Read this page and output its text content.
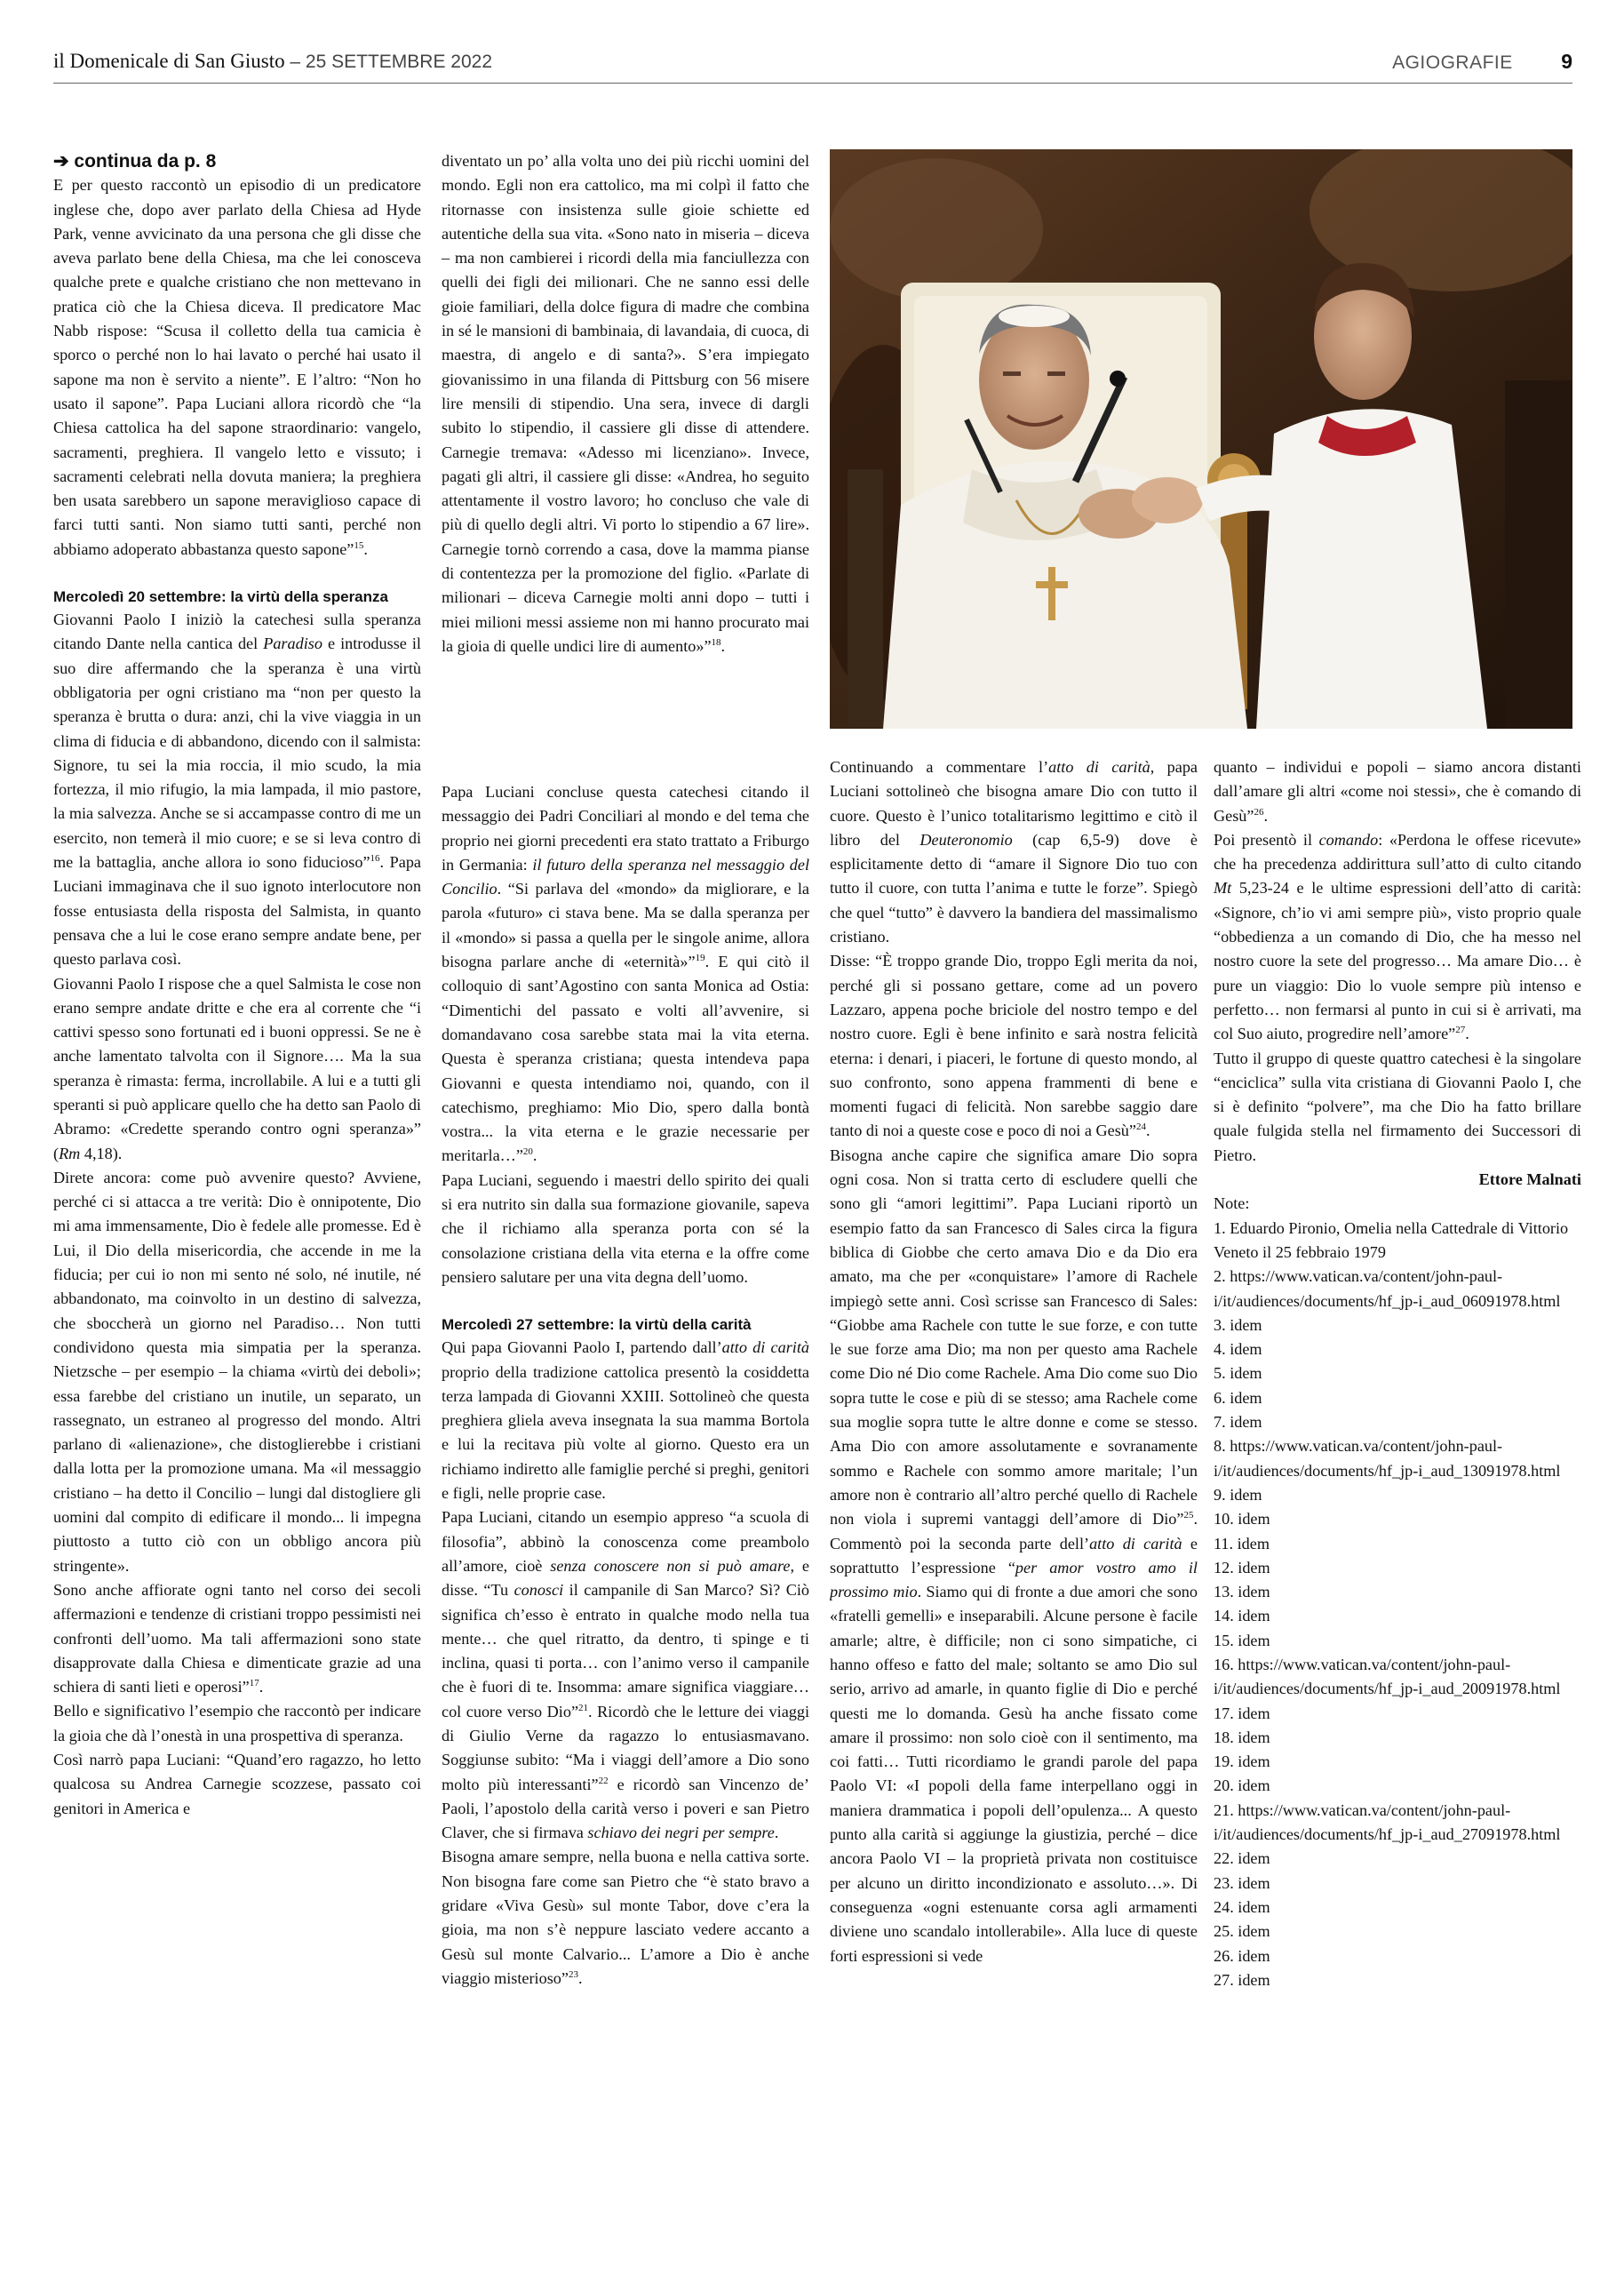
il Domenicale di San Giusto – 25 SETTEMBRE 2022	AGIOGRAFIE 9

➔ continua da p. 8

E per questo raccontò un episodio di un predicatore inglese che, dopo aver parlato della Chiesa ad Hyde Park, venne avvicinato da una persona che gli disse che aveva parlato bene della Chiesa, ma che lei conosceva qualche prete e qualche cristiano che non mettevano in pratica ciò che la Chiesa diceva. Il predicatore Mac Nabb rispose: “Scusa il colletto della tua camicia è sporco o perché non lo hai lavato o perché hai usato il sapone ma non è servito a niente”. E l’altro: “Non ho usato il sapone”. Papa Luciani allora ricordò che “la Chiesa cattolica ha del sapone straordinario: vangelo, sacramenti, preghiera. Il vangelo letto e vissuto; i sacramenti celebrati nella dovuta maniera; la preghiera ben usata sarebbero un sapone meraviglioso capace di farci tutti santi. Non siamo tutti santi, perché non abbiamo adoperato abbastanza questo sapone”$^{15}$.

Mercoledì 20 settembre: la virtù della speranza

Giovanni Paolo I iniziò la catechesi sulla speranza citando Dante nella cantica del Paradiso e introdusse il suo dire affermando che la speranza è una virtù obbligatoria per ogni cristiano ma “non per questo la speranza è brutta o dura: anzi, chi la vive viaggia in un clima di fiducia e di abbandono, dicendo con il salmista: Signore, tu sei la mia roccia, il mio scudo, la mia fortezza, il mio rifugio, la mia lampada, il mio pastore, la mia salvezza. Anche se si accampasse contro di me un esercito, non temerà il mio cuore; e se si leva contro di me la battaglia, anche allora io sono fiducioso”$^{16}$. Papa Luciani immaginava che il suo ignoto interlocutore non fosse entusiasta della risposta del Salmista, in quanto pensava che a lui le cose erano sempre andate bene, per questo parlava così.

Giovanni Paolo I rispose che a quel Salmista le cose non erano sempre andate dritte e che era al corrente che “i cattivi spesso sono fortunati ed i buoni oppressi. Se ne è anche lamentato talvolta con il Signore…. Ma la sua speranza è rimasta: ferma, incrollabile. A lui e a tutti gli speranti si può applicare quello che ha detto san Paolo di Abramo: «Credette sperando contro ogni speranza»” (Rm 4,18).

Direte ancora: come può avvenire questo? Avviene, perché ci si attacca a tre verità: Dio è onnipotente, Dio mi ama immensamente, Dio è fedele alle promesse. Ed è Lui, il Dio della misericordia, che accende in me la fiducia; per cui io non mi sento né solo, né inutile, né abbandonato, ma coinvolto in un destino di salvezza, che sboccherà un giorno nel Paradiso… Non tutti condividono questa mia simpatia per la speranza. Nietzsche – per esempio – la chiama «virtù dei deboli»; essa farebbe del cristiano un inutile, un separato, un rassegnato, un estraneo al progresso del mondo. Altri parlano di «alienazione», che distoglierebbe i cristiani dalla lotta per la promozione umana. Ma «il messaggio cristiano – ha detto il Concilio – lungi dal distogliere gli uomini dal compito di edificare il mondo... li impegna piuttosto a tutto ciò con un obbligo ancora più stringente».

Sono anche affiorate ogni tanto nel corso dei secoli affermazioni e tendenze di cristiani troppo pessimisti nei confronti dell’uomo. Ma tali affermazioni sono state disapprovate dalla Chiesa e dimenticate grazie ad una schiera di santi lieti e operosi”$^{17}$.

Bello e significativo l’esempio che raccontò per indicare la gioia che dà l’onestà in una prospettiva di speranza.

Così narrò papa Luciani: “Quand’ero ragazzo, ho letto qualcosa su Andrea Carnegie scozzese, passato coi genitori in America e

diventato un po’ alla volta uno dei più ricchi uomini del mondo. Egli non era cattolico, ma mi colpì il fatto che ritornasse con insistenza sulle gioie schiette ed autentiche della sua vita. «Sono nato in miseria – diceva – ma non cambierei i ricordi della mia fanciullezza con quelli dei figli dei milionari. Che ne sanno essi delle gioie familiari, della dolce figura di madre che combina in sé le mansioni di bambinaia, di lavandaia, di cuoca, di maestra, di angelo e di santa?». S’era impiegato giovanissimo in una filanda di Pittsburg con 56 misere lire mensili di stipendio. Una sera, invece di dargli subito lo stipendio, il cassiere gli disse di attendere. Carnegie tremava: «Adesso mi licenziano». Invece, pagati gli altri, il cassiere gli disse: «Andrea, ho seguito attentamente il vostro lavoro; ho concluso che vale di più di quello degli altri. Vi porto lo stipendio a 67 lire». Carnegie tornò correndo a casa, dove la mamma pianse di contentezza per la promozione del figlio. «Parlate di milionari – diceva Carnegie molti anni dopo – tutti i miei milioni messi assieme non mi hanno procurato mai la gioia di quelle undici lire di aumento»”$^{18}$.

Papa Luciani concluse questa catechesi citando il messaggio dei Padri Conciliari al mondo e del tema che proprio nei giorni precedenti era stato trattato a Friburgo in Germania: il futuro della speranza nel messaggio del Concilio. “Si parlava del «mondo» da migliorare, e la parola «futuro» ci stava bene. Ma se dalla speranza per il «mondo» si passa a quella per le singole anime, allora bisogna parlare anche di «eternità»”$^{19}$. E qui citò il colloquio di sant’Agostino con santa Monica ad Ostia: “Dimentichi del passato e volti all’avvenire, si domandavano cosa sarebbe stata mai la vita eterna. Questa è speranza cristiana; questa intendeva papa Giovanni e questa intendiamo noi, quando, con il catechismo, preghiamo: Mio Dio, spero dalla bontà vostra... la vita eterna e le grazie necessarie per meritarla…”$^{20}$.

Papa Luciani, seguendo i maestri dello spirito dei quali si era nutrito sin dalla sua formazione giovanile, sapeva che il richiamo alla speranza porta con sé la consolazione cristiana della vita eterna e la offre come pensiero salutare per una vita degna dell’uomo.

Mercoledì 27 settembre: la virtù della carità

Qui papa Giovanni Paolo I, partendo dall’atto di carità proprio della tradizione cattolica presentò la cosiddetta terza lampada di Giovanni XXIII. Sottolineò che questa preghiera gliela aveva insegnata la sua mamma Bortola e lui la recitava più volte al giorno. Questo era un richiamo indiretto alle famiglie perché si preghi, genitori e figli, nelle proprie case.

Papa Luciani, citando un esempio appreso “a scuola di filosofia”, abbinò la conoscenza come preambolo all’amore, cioè senza conoscere non si può amare, e disse. “Tu conosci il campanile di San Marco? Sì? Ciò significa ch’esso è entrato in qualche modo nella tua mente… che quel ritratto, da dentro, ti spinge e ti inclina, quasi ti porta… con l’animo verso il campanile che è fuori di te. Insomma: amare significa viaggiare… col cuore verso Dio”$^{21}$. Ricordò che le letture dei viaggi di Giulio Verne da ragazzo lo entusiasmavano. Soggiunse subito: “Ma i viaggi dell’amore a Dio sono molto più interessanti”$^{22}$ e ricordò san Vincenzo de’ Paoli, l’apostolo della carità verso i poveri e san Pietro Claver, che si firmava schiavo dei negri per sempre.

Bisogna amare sempre, nella buona e nella cattiva sorte. Non bisogna fare come san Pietro che “è stato bravo a gridare «Viva Gesù» sul monte Tabor, dove c’era la gioia, ma non s’è neppure lasciato vedere accanto a Gesù sul monte Calvario... L’amore a Dio è anche viaggio misterioso”$^{23}$.

Continuando a commentare l’atto di carità, papa Luciani sottolineò che bisogna amare Dio con tutto il cuore. Questo è l’unico totalitarismo legittimo e citò il libro del Deuteronomio (cap 6,5-9) dove è esplicitamente detto di “amare il Signore Dio tuo con tutto il cuore, con tutta l’anima e tutte le forze”. Spiegò che quel “tutto” è davvero la bandiera del massimalismo cristiano.

Disse: “È troppo grande Dio, troppo Egli merita da noi, perché gli si possano gettare, come ad un povero Lazzaro, appena poche briciole del nostro tempo e del nostro cuore. Egli è bene infinito e sarà nostra felicità eterna: i denari, i piaceri, le fortune di questo mondo, al suo confronto, sono appena frammenti di bene e momenti fugaci di felicità. Non sarebbe saggio dare tanto di noi a queste cose e poco di noi a Gesù”$^{24}$.

Bisogna anche capire che significa amare Dio sopra ogni cosa. Non si tratta certo di escludere quelli che sono gli “amori legittimi”. Papa Luciani riportò un esempio fatto da san Francesco di Sales circa la figura biblica di Giobbe che certo amava Dio e da Dio era amato, ma che per «conquistare» l’amore di Rachele impiegò sette anni. Così scrisse san Francesco di Sales: “Giobbe ama Rachele con tutte le sue forze, e con tutte le sue forze ama Dio; ma non per questo ama Rachele come Dio né Dio come Rachele. Ama Dio come suo Dio sopra tutte le cose e più di se stesso; ama Rachele come sua moglie sopra tutte le altre donne e come se stesso. Ama Dio con amore assolutamente e sovranamente sommo e Rachele con sommo amore maritale; l’un amore non è contrario all’altro perché quello di Rachele non viola i supremi vantaggi dell’amore di Dio”$^{25}$. Commentò poi la seconda parte dell’atto di carità e soprattutto l’espressione “per amor vostro amo il prossimo mio. Siamo qui di fronte a due amori che sono «fratelli gemelli» e inseparabili. Alcune persone è facile amarle; altre, è difficile; non ci sono simpatiche, ci hanno offeso e fatto del male; soltanto se amo Dio sul serio, arrivo ad amarle, in quanto figlie di Dio e perché questi me lo domanda. Gesù ha anche fissato come amare il prossimo: non solo cioè con il sentimento, ma coi fatti… Tutti ricordiamo le grandi parole del papa Paolo VI: «I popoli della fame interpellano oggi in maniera drammatica i popoli dell’opulenza... A questo punto alla carità si aggiunge la giustizia, perché – dice ancora Paolo VI – la proprietà privata non costituisce per alcuno un diritto incondizionato e assoluto…». Di conseguenza «ogni estenuante corsa agli armamenti diviene uno scandalo intollerabile». Alla luce di queste forti espressioni si vede

quanto – individui e popoli – siamo ancora distanti dall’amare gli altri «come noi stessi», che è comando di Gesù”$^{26}$.

Poi presentò il comando: «Perdona le offese ricevute» che ha precedenza addirittura sull’atto di culto citando Mt 5,23-24 e le ultime espressioni dell’atto di carità: «Signore, ch’io vi ami sempre più», visto proprio quale “obbedienza a un comando di Dio, che ha messo nel nostro cuore la sete del progresso… Ma amare Dio… è pure un viaggio: Dio lo vuole sempre più intenso e perfetto… non fermarsi al punto in cui si è arrivati, ma col Suo aiuto, progredire nell’amore”$^{27}$.

Tutto il gruppo di queste quattro catechesi è la singolare “enciclica” sulla vita cristiana di Giovanni Paolo I, che si è definito “polvere”, ma che Dio ha fatto brillare quale fulgida stella nel firmamento dei Successori di Pietro.

Ettore Malnati

Note:

1. Eduardo Pironio, Omelia nella Cattedrale di Vittorio Veneto il 25 febbraio 1979

2. https://www.vatican.va/content/john-paul-i/it/audiences/documents/hf_jp-i_aud_06091978.html

3. idem

4. idem

5. idem

6. idem

7. idem

8. https://www.vatican.va/content/john-paul-i/it/audiences/documents/hf_jp-i_aud_13091978.html

9. idem

10. idem

11. idem

12. idem

13. idem

14. idem

15. idem

16. https://www.vatican.va/content/john-paul-i/it/audiences/documents/hf_jp-i_aud_20091978.html

17. idem

18. idem

19. idem

20. idem

21. https://www.vatican.va/content/john-paul-i/it/audiences/documents/hf_jp-i_aud_27091978.html

22. idem

23. idem

24. idem

25. idem

26. idem

27. idem
